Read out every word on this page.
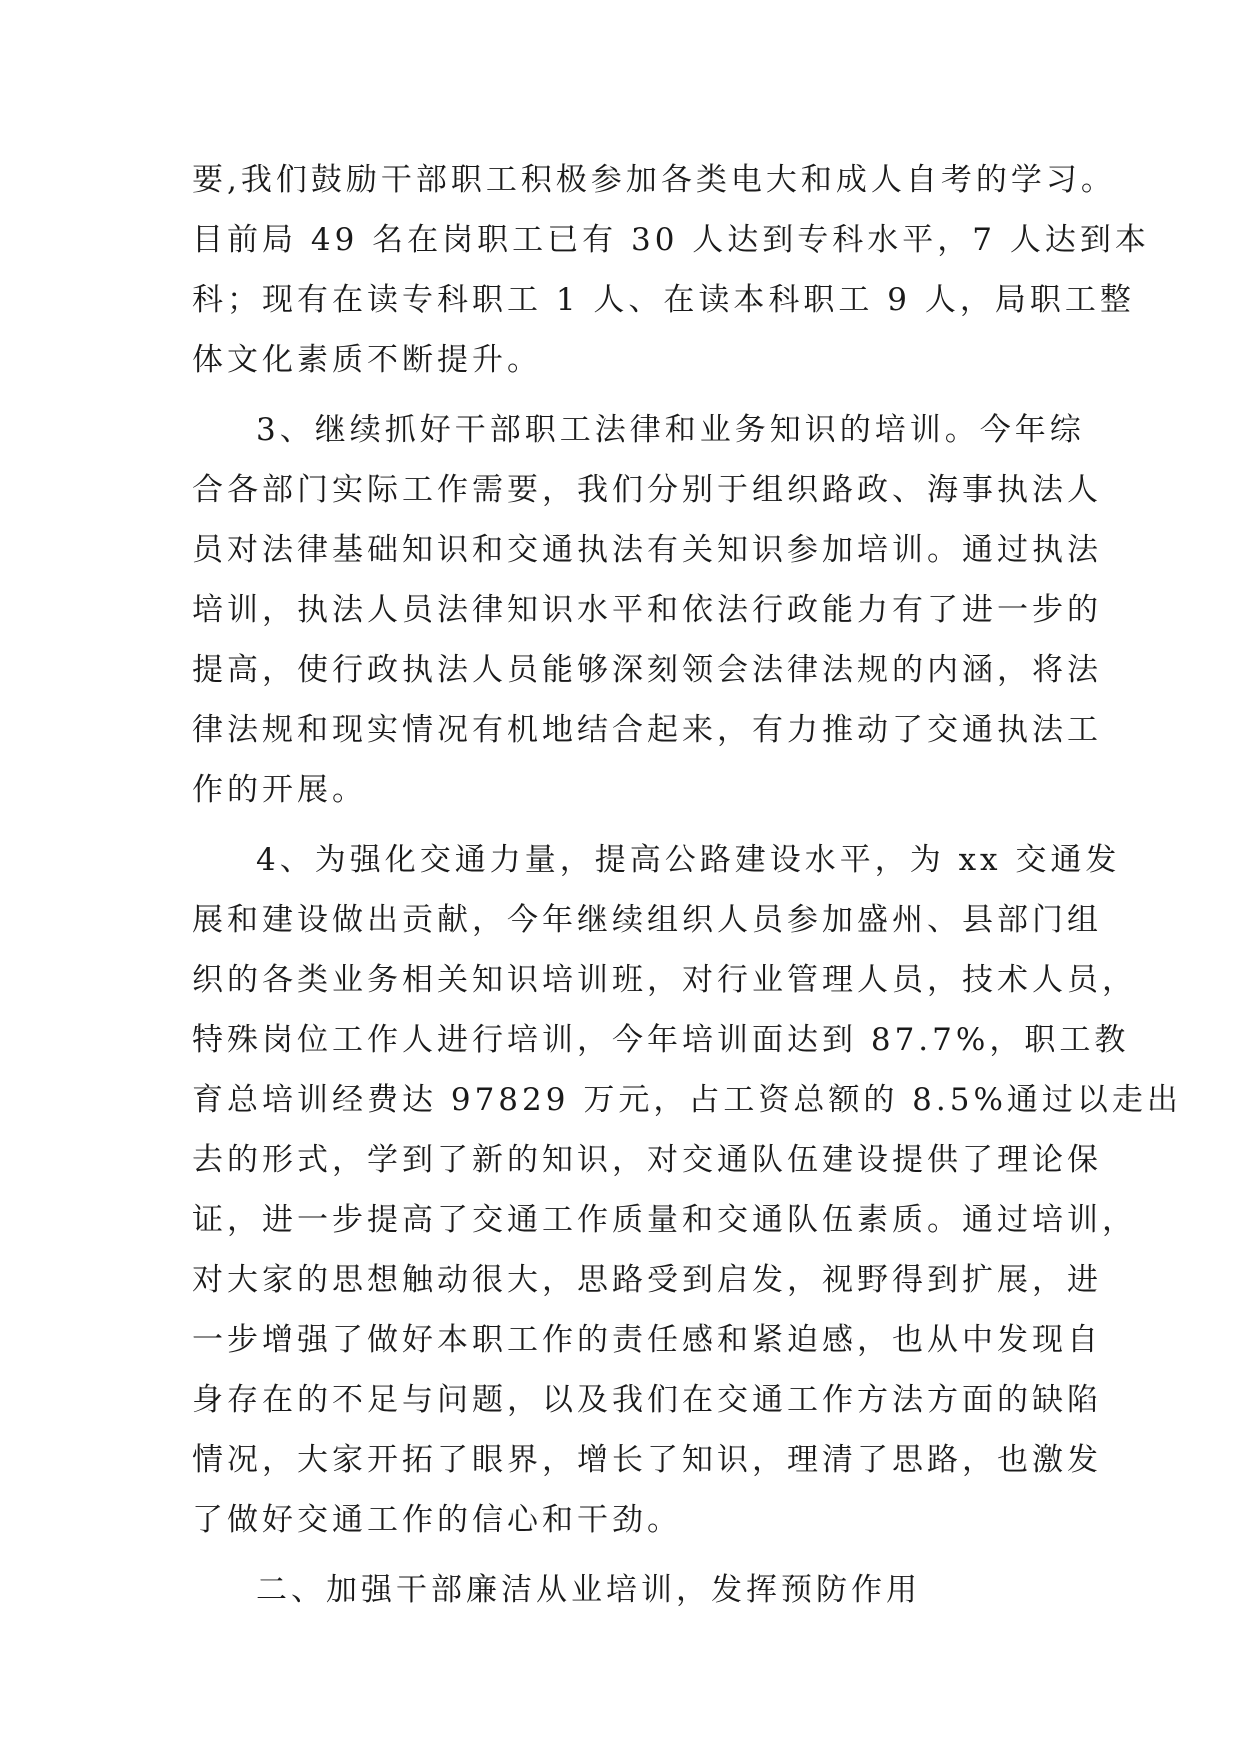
要,我们鼓励干部职工积极参加各类电大和成人自考的学习。
目前局 49 名在岗职工已有 30 人达到专科水平，7 人达到本
科；现有在读专科职工 1 人、在读本科职工 9 人，局职工整
体文化素质不断提升。
3、继续抓好干部职工法律和业务知识的培训。今年综
合各部门实际工作需要，我们分别于组织路政、海事执法人
员对法律基础知识和交通执法有关知识参加培训。通过执法
培训，执法人员法律知识水平和依法行政能力有了进一步的
提高，使行政执法人员能够深刻领会法律法规的内涵，将法
律法规和现实情况有机地结合起来，有力推动了交通执法工
作的开展。
4、为强化交通力量，提高公路建设水平，为 xx 交通发
展和建设做出贡献，今年继续组织人员参加盛州、县部门组
织的各类业务相关知识培训班，对行业管理人员，技术人员，
特殊岗位工作人进行培训，今年培训面达到 87.7%，职工教
育总培训经费达 97829 万元，占工资总额的 8.5%通过以走出
去的形式，学到了新的知识，对交通队伍建设提供了理论保
证，进一步提高了交通工作质量和交通队伍素质。通过培训，
对大家的思想触动很大，思路受到启发，视野得到扩展，进
一步增强了做好本职工作的责任感和紧迫感，也从中发现自
身存在的不足与问题，以及我们在交通工作方法方面的缺陷
情况，大家开拓了眼界，增长了知识，理清了思路，也激发
了做好交通工作的信心和干劲。
二、加强干部廉洁从业培训，发挥预防作用
